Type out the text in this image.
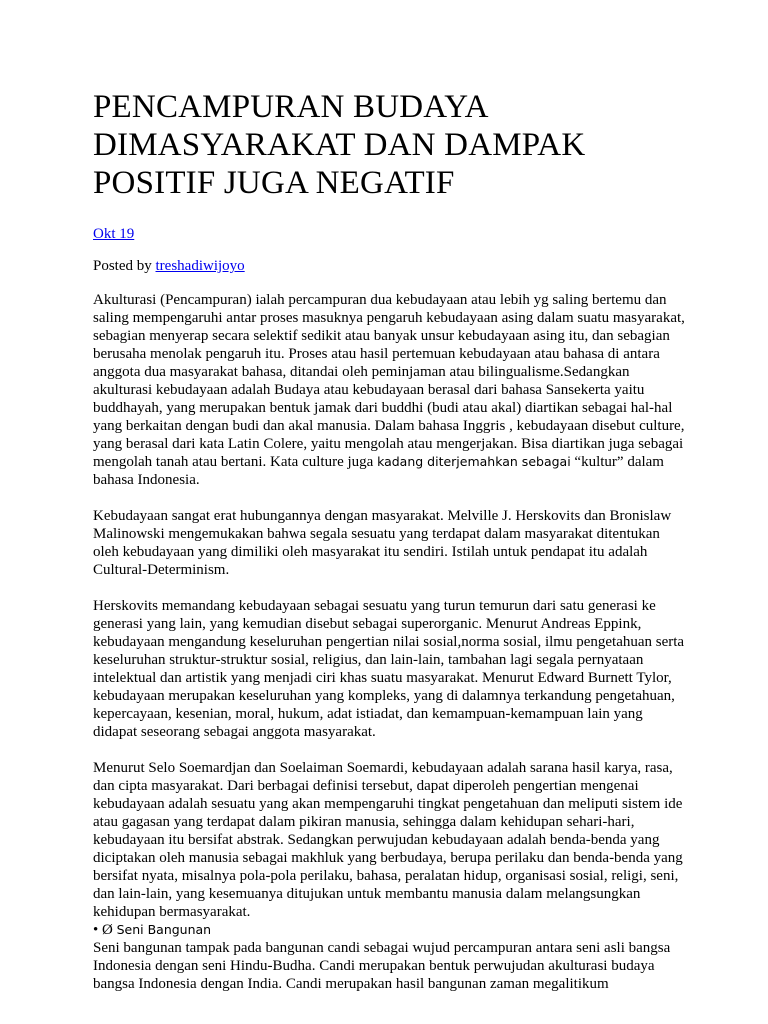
PENCAMPURAN BUDAYA DIMASYARAKAT DAN DAMPAK POSITIF JUGA NEGATIF
Okt 19
Posted by treshadiwijoyo

Akulturasi (Pencampuran) ialah percampuran dua kebudayaan atau lebih yg saling bertemu dan saling mempengaruhi antar proses masuknya pengaruh kebudayaan asing dalam suatu masyarakat, sebagian menyerap secara selektif sedikit atau banyak unsur kebudayaan asing itu, dan sebagian berusaha menolak pengaruh itu. Proses atau hasil pertemuan kebudayaan atau bahasa di antara anggota dua masyarakat bahasa, ditandai oleh peminjaman atau bilingualisme.Sedangkan akulturasi kebudayaan adalah Budaya atau kebudayaan berasal dari bahasa Sansekerta yaitu buddhayah, yang merupakan bentuk jamak dari buddhi (budi atau akal) diartikan sebagai hal-hal yang berkaitan dengan budi dan akal manusia. Dalam bahasa Inggris , kebudayaan disebut culture, yang berasal dari kata Latin Colere, yaitu mengolah atau mengerjakan. Bisa diartikan juga sebagai mengolah tanah atau bertani. Kata culture juga kadang diterjemahkan sebagai “kultur” dalam bahasa Indonesia.

Kebudayaan sangat erat hubungannya dengan masyarakat. Melville J. Herskovits dan Bronislaw Malinowski mengemukakan bahwa segala sesuatu yang terdapat dalam masyarakat ditentukan oleh kebudayaan yang dimiliki oleh masyarakat itu sendiri. Istilah untuk pendapat itu adalah Cultural-Determinism.

Herskovits memandang kebudayaan sebagai sesuatu yang turun temurun dari satu generasi ke generasi yang lain, yang kemudian disebut sebagai superorganic. Menurut Andreas Eppink, kebudayaan mengandung keseluruhan pengertian nilai sosial,norma sosial, ilmu pengetahuan serta keseluruhan struktur-struktur sosial, religius, dan lain-lain, tambahan lagi segala pernyataan intelektual dan artistik yang menjadi ciri khas suatu masyarakat. Menurut Edward Burnett Tylor, kebudayaan merupakan keseluruhan yang kompleks, yang di dalamnya terkandung pengetahuan, kepercayaan, kesenian, moral, hukum, adat istiadat, dan kemampuan-kemampuan lain yang didapat seseorang sebagai anggota masyarakat.

Menurut Selo Soemardjan dan Soelaiman Soemardi, kebudayaan adalah sarana hasil karya, rasa, dan cipta masyarakat. Dari berbagai definisi tersebut, dapat diperoleh pengertian mengenai kebudayaan adalah sesuatu yang akan mempengaruhi tingkat pengetahuan dan meliputi sistem ide atau gagasan yang terdapat dalam pikiran manusia, sehingga dalam kehidupan sehari-hari, kebudayaan itu bersifat abstrak. Sedangkan perwujudan kebudayaan adalah benda-benda yang diciptakan oleh manusia sebagai makhluk yang berbudaya, berupa perilaku dan benda-benda yang bersifat nyata, misalnya pola-pola perilaku, bahasa, peralatan hidup, organisasi sosial, religi, seni, dan lain-lain, yang kesemuanya ditujukan untuk membantu manusia dalam melangsungkan kehidupan bermasyarakat.

• Ø Seni Bangunan

Seni bangunan tampak pada bangunan candi sebagai wujud percampuran antara seni asli bangsa Indonesia dengan seni Hindu-Budha. Candi merupakan bentuk perwujudan akulturasi budaya bangsa Indonesia dengan India. Candi merupakan hasil bangunan zaman megalitikum
